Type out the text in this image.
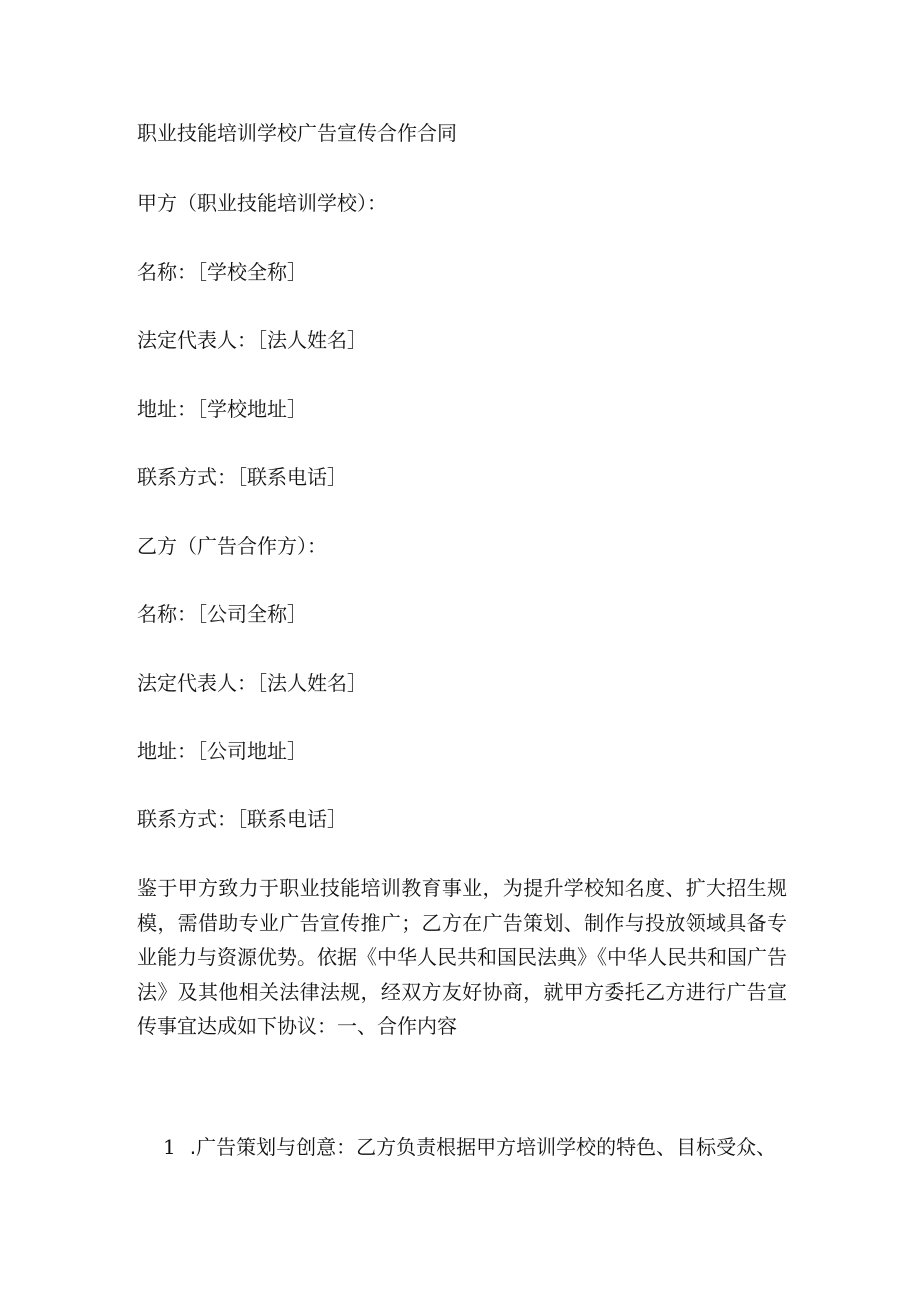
职业技能培训学校广告宣传合作合同
甲方（职业技能培训学校）：
名称：［学校全称］
法定代表人：［法人姓名］
地址：［学校地址］
联系方式：［联系电话］
乙方（广告合作方）：
名称：［公司全称］
法定代表人：［法人姓名］
地址：［公司地址］
联系方式：［联系电话］
鉴于甲方致力于职业技能培训教育事业，为提升学校知名度、扩大招生规模，需借助专业广告宣传推广；乙方在广告策划、制作与投放领域具备专业能力与资源优势。依据《中华人民共和国民法典》《中华人民共和国广告法》及其他相关法律法规，经双方友好协商，就甲方委托乙方进行广告宣传事宜达成如下协议：一、合作内容
1 .广告策划与创意：乙方负责根据甲方培训学校的特色、目标受众、
